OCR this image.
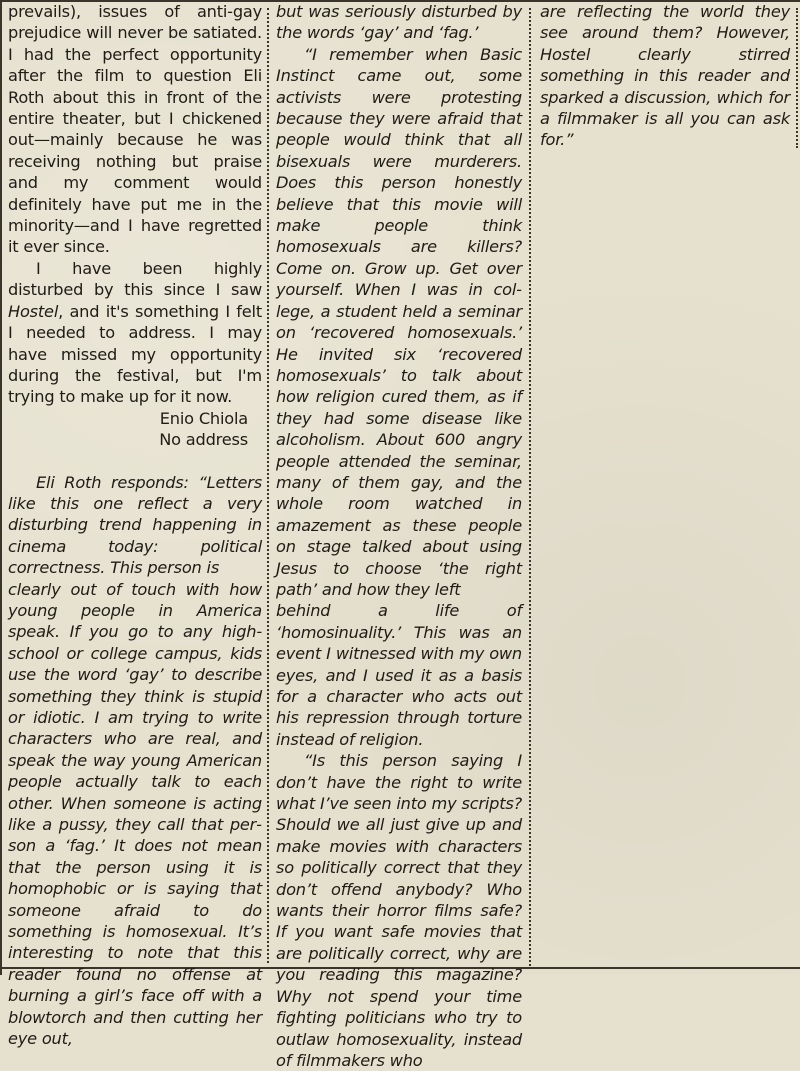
prevails), issues of anti-gay prejudice will never be satiated. I had the perfect opportunity after the film to question Eli Roth about this in front of the entire theater, but I chickened out—mainly because he was receiving nothing but praise and my comment would definitely have put me in the minority—and I have regretted it ever since.

I have been highly disturbed by this since I saw Hostel, and it's something I felt I needed to address. I may have missed my opportunity during the festival, but I'm trying to make up for it now.

Enio Chiola
No address

Eli Roth responds: “Letters like this one reflect a very disturbing trend happening in cinema today: political correctness. This person is

clearly out of touch with how young people in America speak. If you go to any high-school or college campus, kids use the word ‘gay’ to describe something they think is stupid or idiotic. I am trying to write characters who are real, and speak the way young American people actually talk to each other. When someone is acting like a pussy, they call that person a ‘fag.’ It does not mean that the person using it is homophobic or is saying that someone afraid to do something is homosexual. It’s interesting to note that this reader found no offense at burning a girl’s face off with a blowtorch and then cutting her eye out,

but was seriously disturbed by the words ‘gay’ and ‘fag.’

“I remember when Basic Instinct came out, some activists were protesting because they were afraid that people would think that all bisexuals were murderers. Does this person honestly believe that this movie will make people think homosexuals are killers? Come on. Grow up. Get over yourself. When I was in college, a student held a seminar on ‘recovered homosexuals.’ He invited six ‘recovered homosexuals’ to talk about how religion cured them, as if they had some disease like alcoholism. About 600 angry people attended the seminar, many of them gay, and the whole room watched in amazement as these people on stage talked about using Jesus to choose ‘the right path’ and how they left

behind a life of ‘homosinuality.’ This was an event I witnessed with my own eyes, and I used it as a basis for a character who acts out his repression through torture instead of religion.

“Is this person saying I don’t have the right to write what I’ve seen into my scripts? Should we all just give up and make movies with characters so politically correct that they don’t offend anybody? Who wants their horror films safe? If you want safe movies that are politically correct, why are you reading this magazine? Why not spend your time fighting politicians who try to outlaw homosexuality, instead of filmmakers who

are reflecting the world they see around them? However, Hostel clearly stirred something in this reader and sparked a discussion, which for a filmmaker is all you can ask for.”
